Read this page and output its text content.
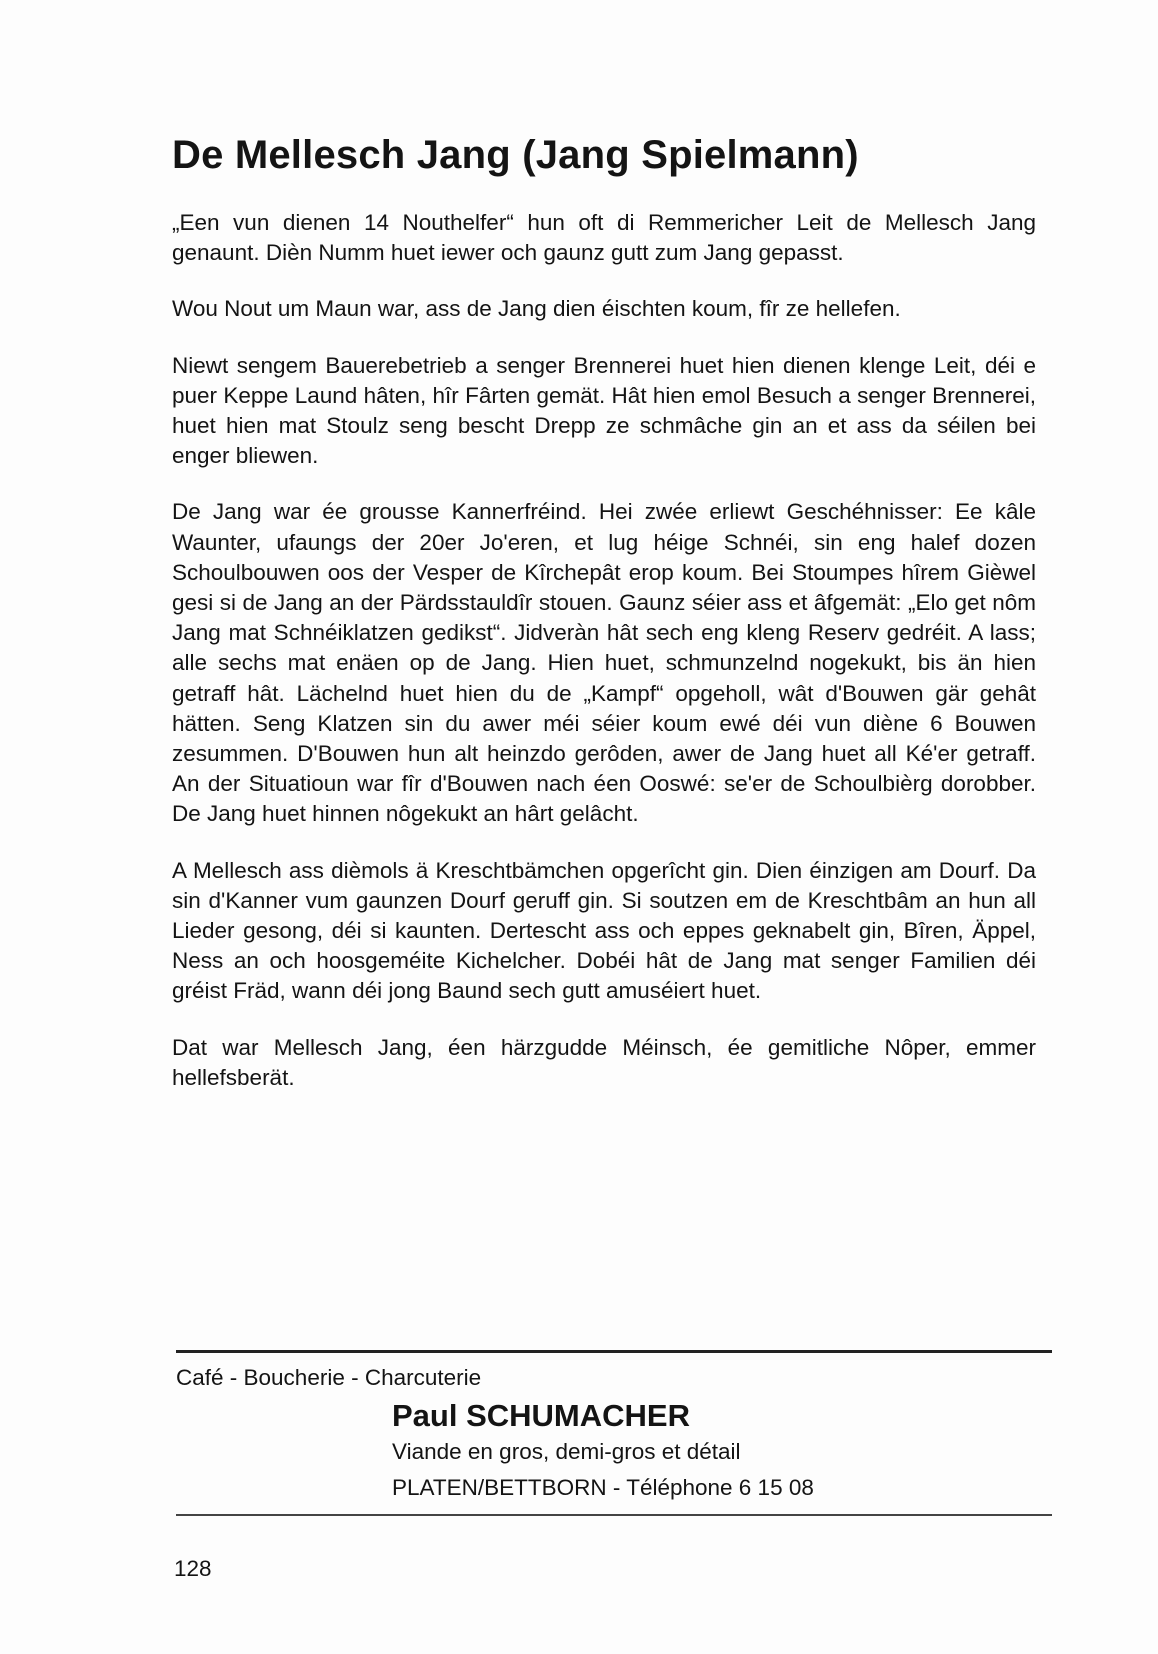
De Mellesch Jang (Jang Spielmann)

„Een vun dienen 14 Nouthelfer“ hun oft di Remmericher Leit de Mellesch Jang genaunt. Dièn Numm huet iewer och gaunz gutt zum Jang gepasst.

Wou Nout um Maun war, ass de Jang dien éischten koum, fîr ze hellefen.

Niewt sengem Bauerebetrieb a senger Brennerei huet hien dienen klenge Leit, déi e puer Keppe Laund hâten, hîr Fârten gemät. Hât hien emol Besuch a senger Brennerei, huet hien mat Stoulz seng bescht Drepp ze schmâche gin an et ass da séilen bei enger bliewen.

De Jang war ée grousse Kannerfréind. Hei zwée erliewt Geschéhnisser: Ee kâle Waunter, ufaungs der 20er Jo'eren, et lug héige Schnéi, sin eng halef dozen Schoulbouwen oos der Vesper de Kîrchepât erop koum. Bei Stoumpes hîrem Gièwel gesi si de Jang an der Pärdsstauldîr stouen. Gaunz séier ass et âfgemät: „Elo get nôm Jang mat Schnéiklatzen gedikst“. Jidveràn hât sech eng kleng Reserv gedréit. A lass; alle sechs mat enäen op de Jang. Hien huet, schmunzelnd nogekukt, bis än hien getraff hât. Lächelnd huet hien du de „Kampf“ opgeholl, wât d'Bouwen gär gehât hätten. Seng Klatzen sin du awer méi séier koum ewé déi vun diène 6 Bouwen zesummen. D'Bouwen hun alt heinzdo gerôden, awer de Jang huet all Ké'er getraff. An der Situatioun war fîr d'Bouwen nach éen Ooswé: se'er de Schoulbièrg dorobber. De Jang huet hinnen nôgekukt an hârt gelâcht.

A Mellesch ass dièmols ä Kreschtbämchen opgerîcht gin. Dien éinzigen am Dourf. Da sin d'Kanner vum gaunzen Dourf geruff gin. Si soutzen em de Kreschtbâm an hun all Lieder gesong, déi si kaunten. Dertescht ass och eppes geknabelt gin, Bîren, Äppel, Ness an och hoosgeméite Kichelcher. Dobéi hât de Jang mat senger Familien déi gréist Fräd, wann déi jong Baund sech gutt amuséiert huet.

Dat war Mellesch Jang, éen härzgudde Méinsch, ée gemitliche Nôper, emmer hellefsberät.

Café - Boucherie - Charcuterie
Paul SCHUMACHER
Viande en gros, demi-gros et détail
PLATEN/BETTBORN - Téléphone 6 15 08
128
